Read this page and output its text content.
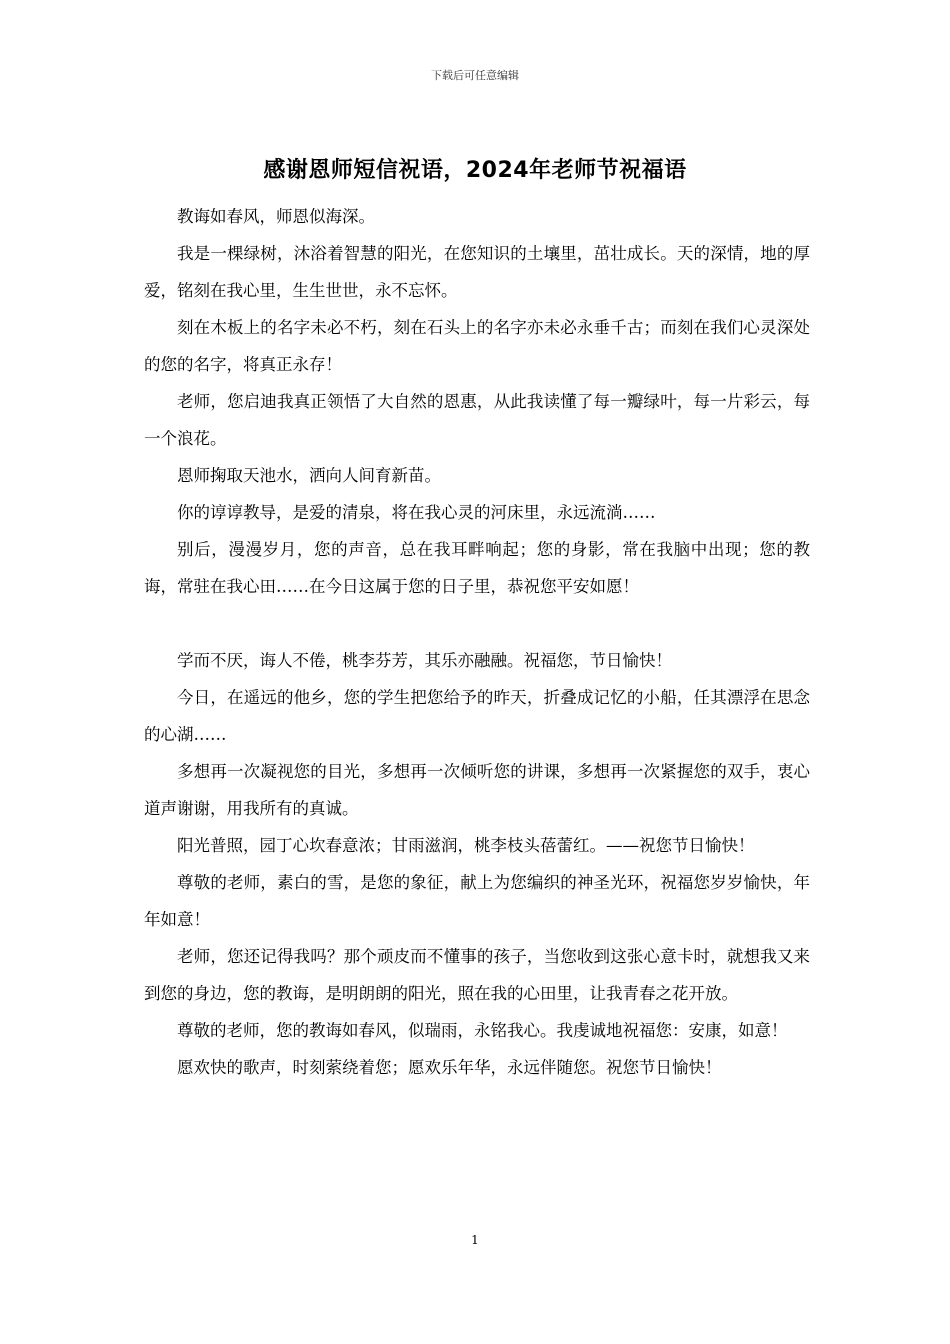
下载后可任意编辑
感谢恩师短信祝语，2024年老师节祝福语

教诲如春风，师恩似海深。

我是一棵绿树，沐浴着智慧的阳光，在您知识的土壤里，茁壮成长。天的深情，地的厚爱，铭刻在我心里，生生世世，永不忘怀。

刻在木板上的名字未必不朽，刻在石头上的名字亦未必永垂千古；而刻在我们心灵深处的您的名字，将真正永存！

老师，您启迪我真正领悟了大自然的恩惠，从此我读懂了每一瓣绿叶，每一片彩云，每一个浪花。

恩师掬取天池水，洒向人间育新苗。

你的谆谆教导，是爱的清泉，将在我心灵的河床里，永远流淌……

别后，漫漫岁月，您的声音，总在我耳畔响起；您的身影，常在我脑中出现；您的教诲，常驻在我心田……在今日这属于您的日子里，恭祝您平安如愿！

学而不厌，诲人不倦，桃李芬芳，其乐亦融融。祝福您，节日愉快！

今日，在遥远的他乡，您的学生把您给予的昨天，折叠成记忆的小船，任其漂浮在思念的心湖……

多想再一次凝视您的目光，多想再一次倾听您的讲课，多想再一次紧握您的双手，衷心道声谢谢，用我所有的真诚。

阳光普照，园丁心坎春意浓；甘雨滋润，桃李枝头蓓蕾红。——祝您节日愉快！

尊敬的老师，素白的雪，是您的象征，献上为您编织的神圣光环，祝福您岁岁愉快，年年如意！

老师，您还记得我吗？那个顽皮而不懂事的孩子，当您收到这张心意卡时，就想我又来到您的身边，您的教诲，是明朗朗的阳光，照在我的心田里，让我青春之花开放。

尊敬的老师，您的教诲如春风，似瑞雨，永铭我心。我虔诚地祝福您：安康，如意！

愿欢快的歌声，时刻萦绕着您；愿欢乐年华，永远伴随您。祝您节日愉快！

1
